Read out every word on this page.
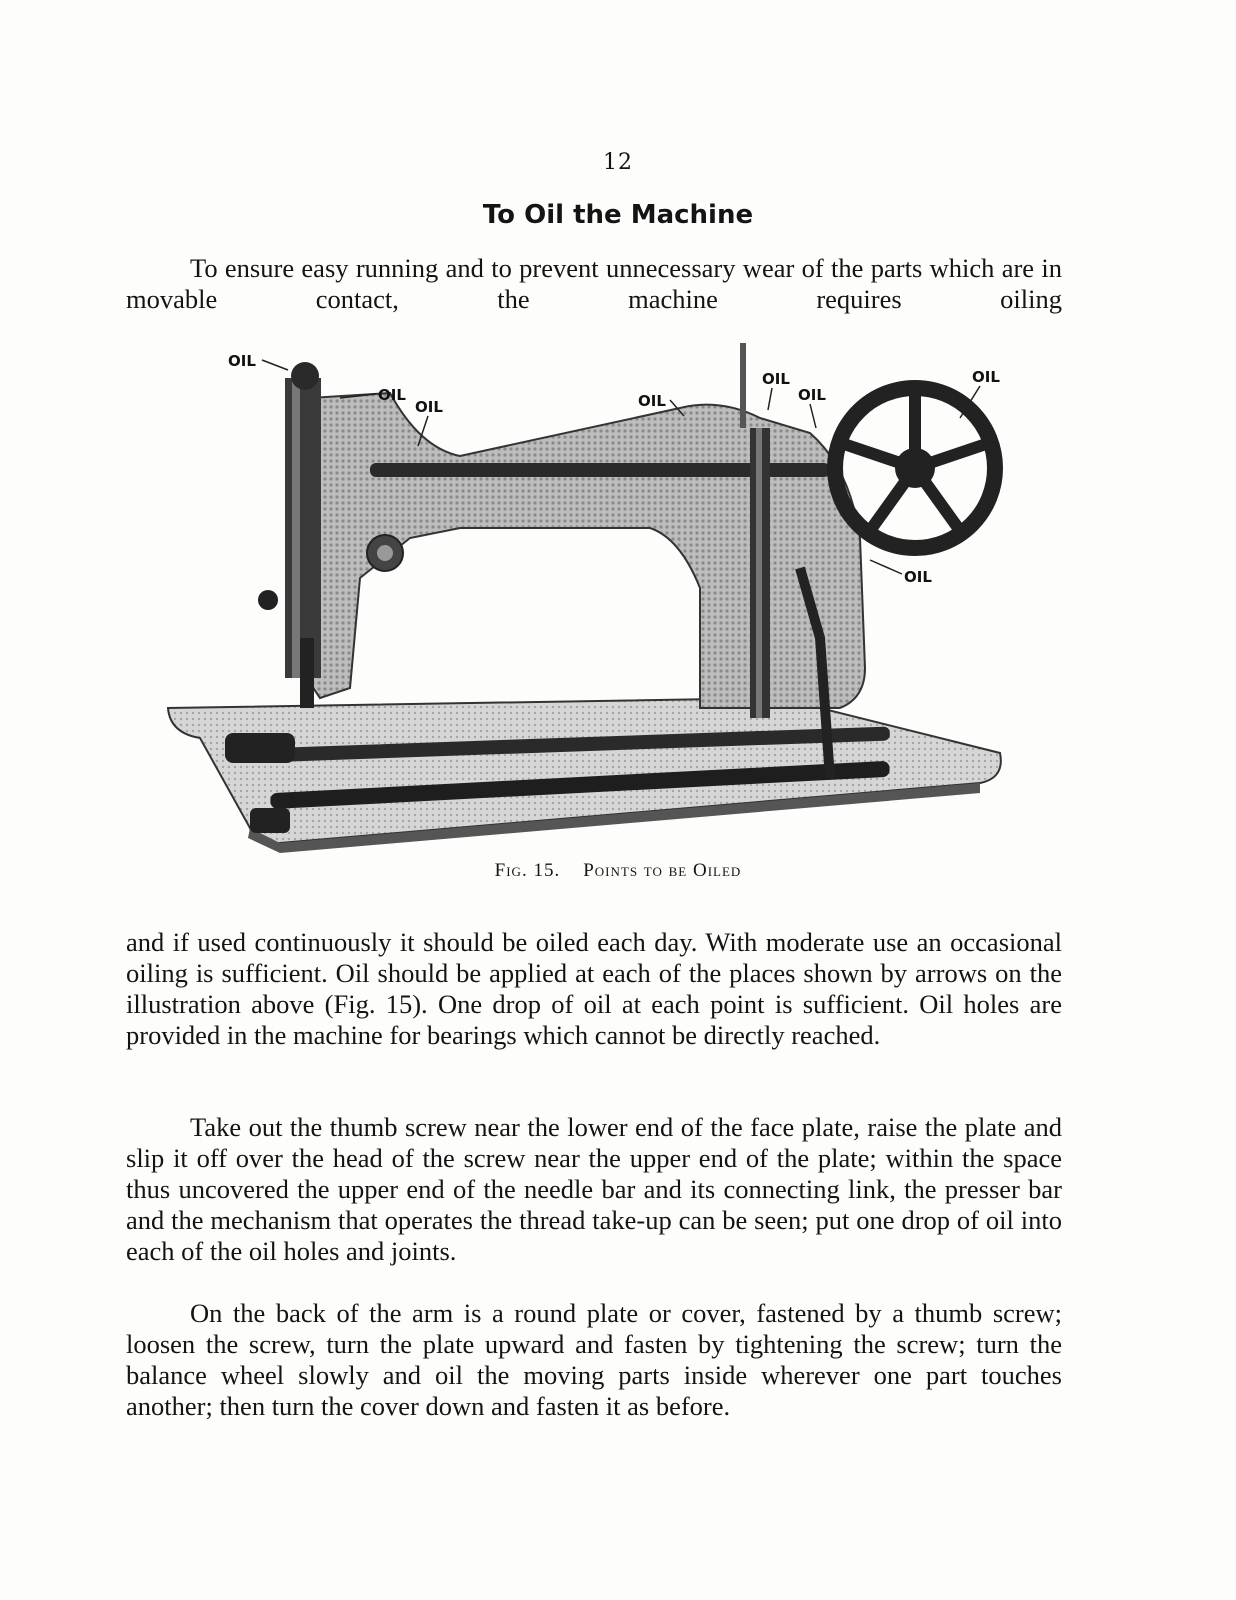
12
To Oil the Machine

To ensure easy running and to prevent unnecessary wear of the parts which are in movable contact, the machine requires oiling

OIL
OIL
OIL	OIL
OIL
OIL
OIL
OIL
Fig. 15. Points to be Oiled

and if used continuously it should be oiled each day. With moderate use an occasional oiling is sufficient. Oil should be applied at each of the places shown by arrows on the illustration above (Fig. 15). One drop of oil at each point is sufficient. Oil holes are provided in the machine for bearings which cannot be directly reached.

Take out the thumb screw near the lower end of the face plate, raise the plate and slip it off over the head of the screw near the upper end of the plate; within the space thus uncovered the upper end of the needle bar and its connecting link, the presser bar and the mechanism that operates the thread take-up can be seen; put one drop of oil into each of the oil holes and joints.

On the back of the arm is a round plate or cover, fastened by a thumb screw; loosen the screw, turn the plate upward and fasten by tightening the screw; turn the balance wheel slowly and oil the moving parts inside wherever one part touches another; then turn the cover down and fasten it as before.
